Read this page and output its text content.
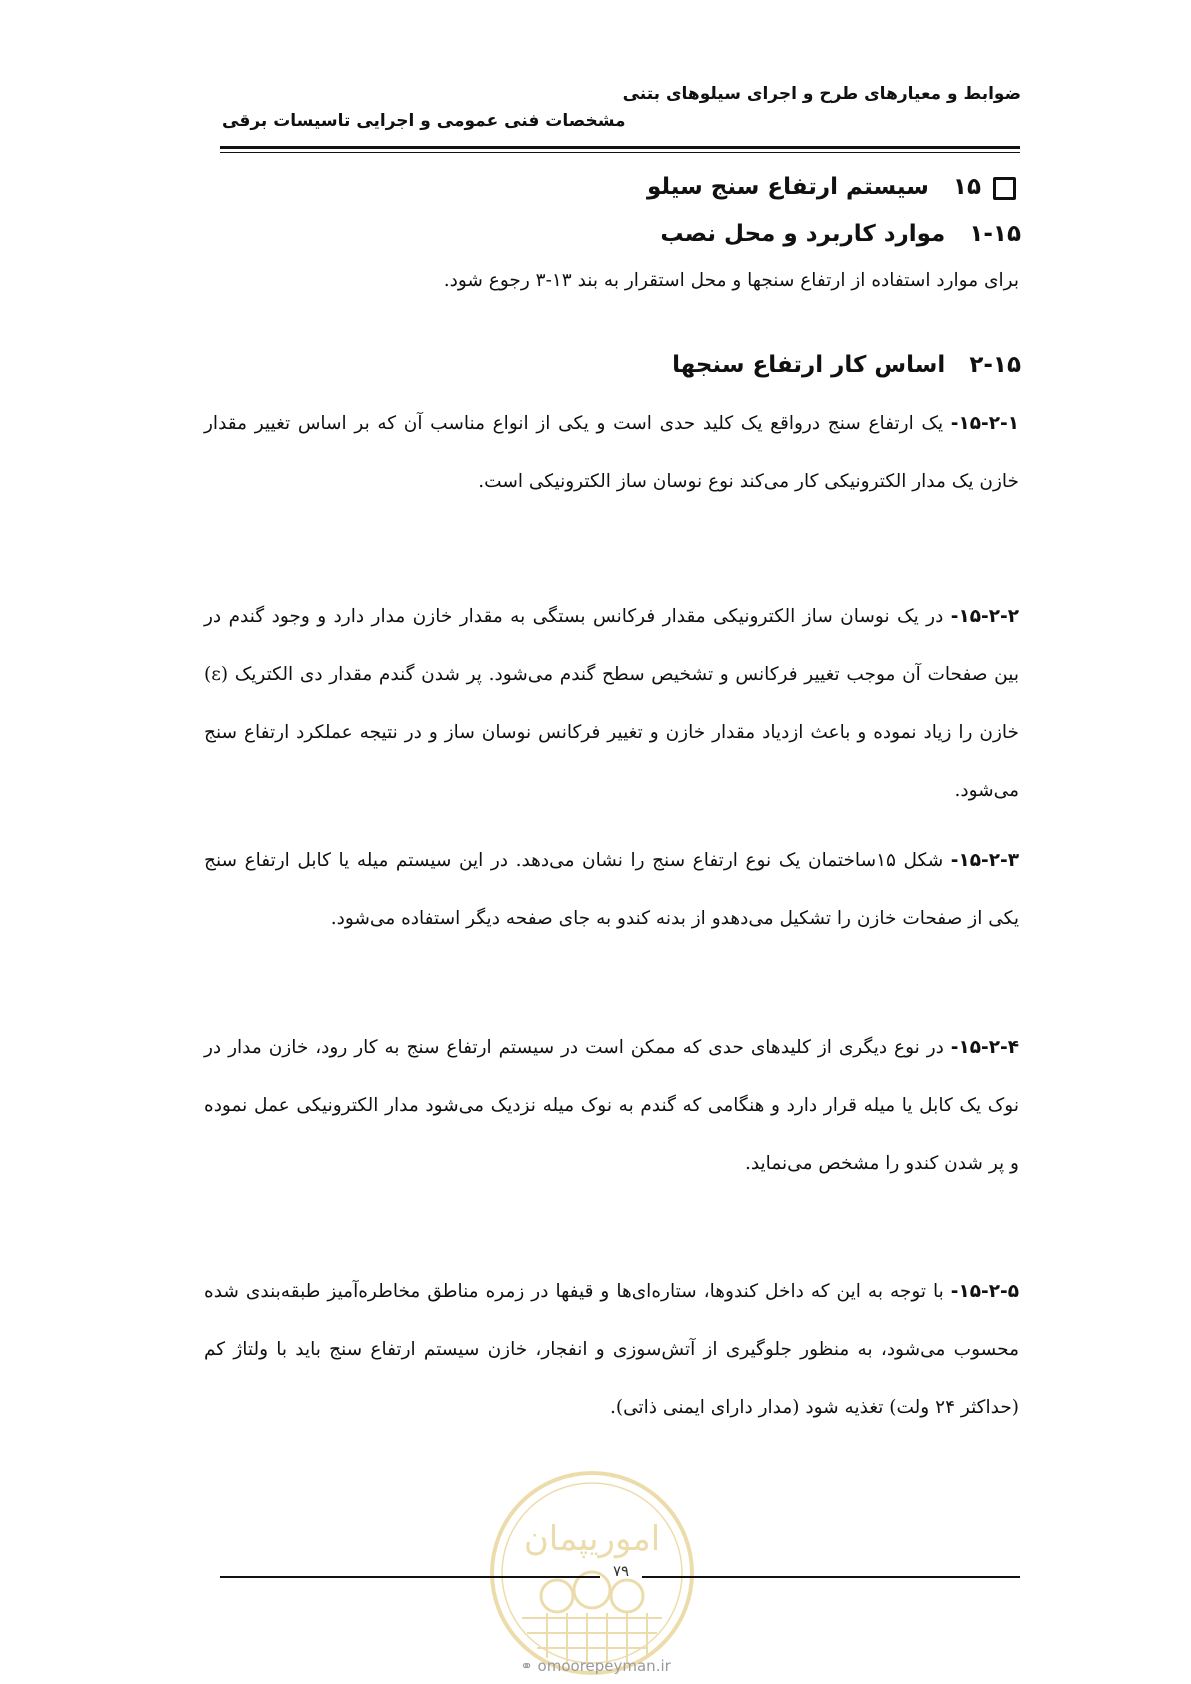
ضوابط و معیارهای طرح و اجرای سیلوهای بتنی
مشخصات فنی عمومی و اجرایی تاسیسات برقی
۱۵   سیستم ارتفاع سنج سیلو
۱-۱۵   موارد کاربرد و محل نصب

برای موارد استفاده از ارتفاع سنجها و محل استقرار به بند ۱۳-۳ رجوع شود.

۲-۱۵   اساس کار ارتفاع سنجها

۱۵-۲-۱- یک ارتفاع سنج درواقع یک کلید حدی است و یکی از انواع مناسب آن که بر اساس تغییر مقدار خازن یک مدار الکترونیکی کار می‌کند نوع نوسان ساز الکترونیکی است.

۱۵-۲-۲- در یک نوسان ساز الکترونیکی مقدار فرکانس بستگی به مقدار خازن مدار دارد و وجود گندم در بین صفحات آن موجب تغییر فرکانس و تشخیص سطح گندم می‌شود. پر شدن گندم مقدار دی الکتریک (ε) خازن را زیاد نموده و باعث ازدیاد مقدار خازن و تغییر فرکانس نوسان ساز و در نتیجه عملکرد ارتفاع سنج می‌شود.

۱۵-۲-۳- شکل ۱۵ساختمان یک نوع ارتفاع سنج را نشان می‌دهد. در این سیستم میله یا کابل ارتفاع سنج یکی از صفحات خازن را تشکیل می‌دهدو از بدنه کندو به جای صفحه دیگر استفاده می‌شود.

۱۵-۲-۴- در نوع دیگری از کلیدهای حدی که ممکن است در سیستم ارتفاع سنج به کار رود، خازن مدار در نوک یک کابل یا میله قرار دارد و هنگامی که گندم به نوک میله نزدیک می‌شود مدار الکترونیکی عمل نموده و پر شدن کندو را مشخص می‌نماید.

۱۵-۲-۵- با توجه به این که داخل کندوها، ستاره‌ای‌ها و قیفها در زمره مناطق مخاطره‌آمیز طبقه‌بندی شده محسوب می‌شود، به منظور جلوگیری از آتش‌سوزی و انفجار، خازن سیستم ارتفاع سنج باید با ولتاژ کم (حداکثر ۲۴ ولت) تغذیه شود (مدار دارای ایمنی ذاتی).

اموریپمان
۷۹
⚭ omoorepeyman.ir
